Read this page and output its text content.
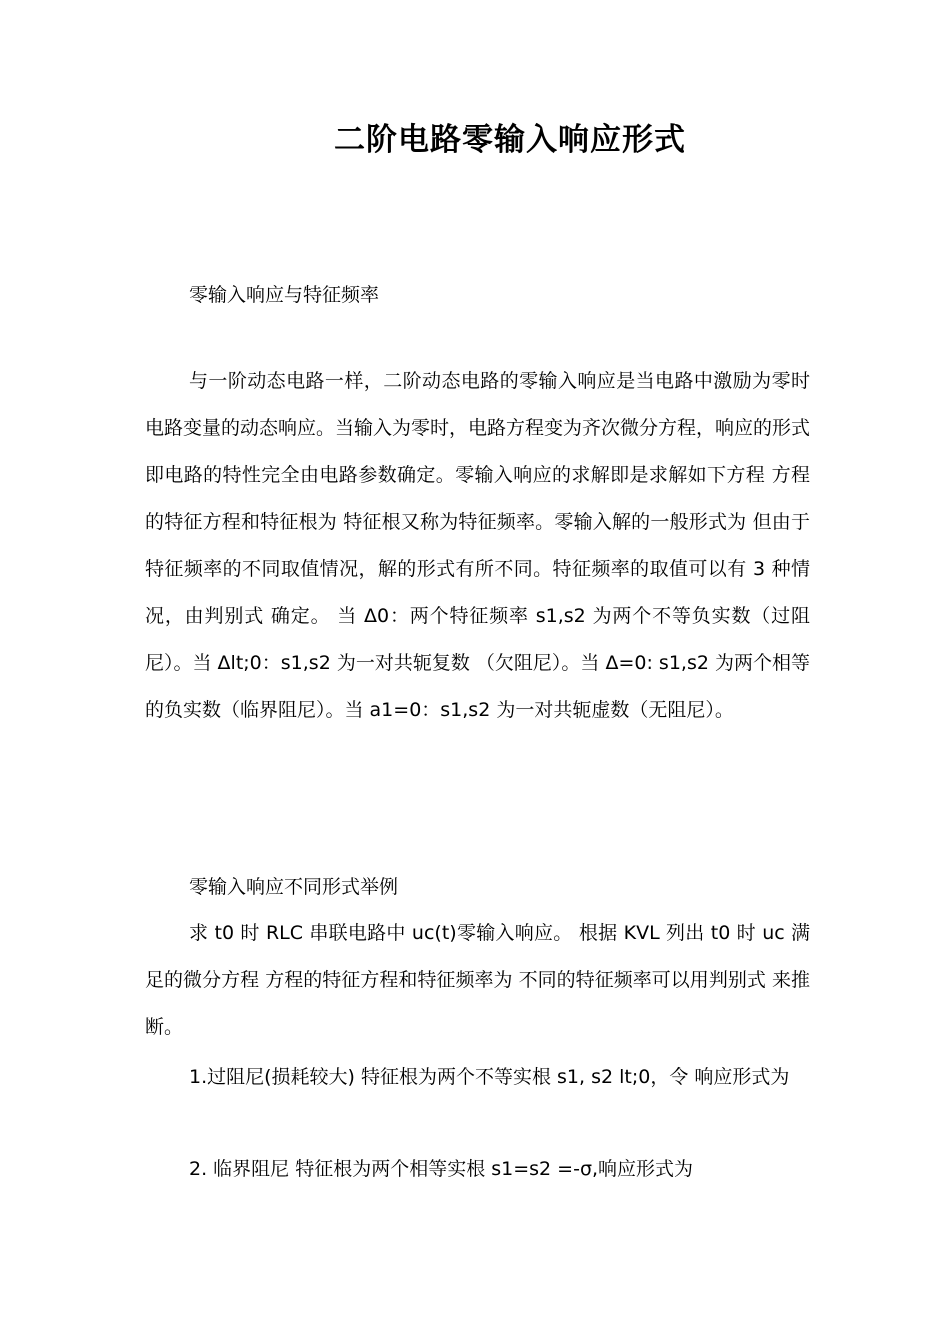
二阶电路零输入响应形式
零输入响应与特征频率
与一阶动态电路一样，二阶动态电路的零输入响应是当电路中激励为零时电路变量的动态响应。当输入为零时，电路方程变为齐次微分方程，响应的形式即电路的特性完全由电路参数确定。零输入响应的求解即是求解如下方程 方程的特征方程和特征根为 特征根又称为特征频率。零输入解的一般形式为 但由于特征频率的不同取值情况，解的形式有所不同。特征频率的取值可以有 3 种情况，由判别式 确定。 当 Δ0：两个特征频率 s1,s2 为两个不等负实数（过阻尼）。当 Δlt;0：s1,s2 为一对共轭复数 （欠阻尼）。当 Δ=0: s1,s2 为两个相等的负实数（临界阻尼）。当 a1=0：s1,s2 为一对共轭虚数（无阻尼）。
零输入响应不同形式举例
求 t0 时 RLC 串联电路中 uc(t)零输入响应。 根据 KVL 列出 t0 时 uc 满足的微分方程 方程的特征方程和特征频率为 不同的特征频率可以用判别式 来推断。
1.过阻尼(损耗较大) 特征根为两个不等实根 s1, s2 lt;0，令 响应形式为
2. 临界阻尼 特征根为两个相等实根 s1=s2 =-σ,响应形式为
